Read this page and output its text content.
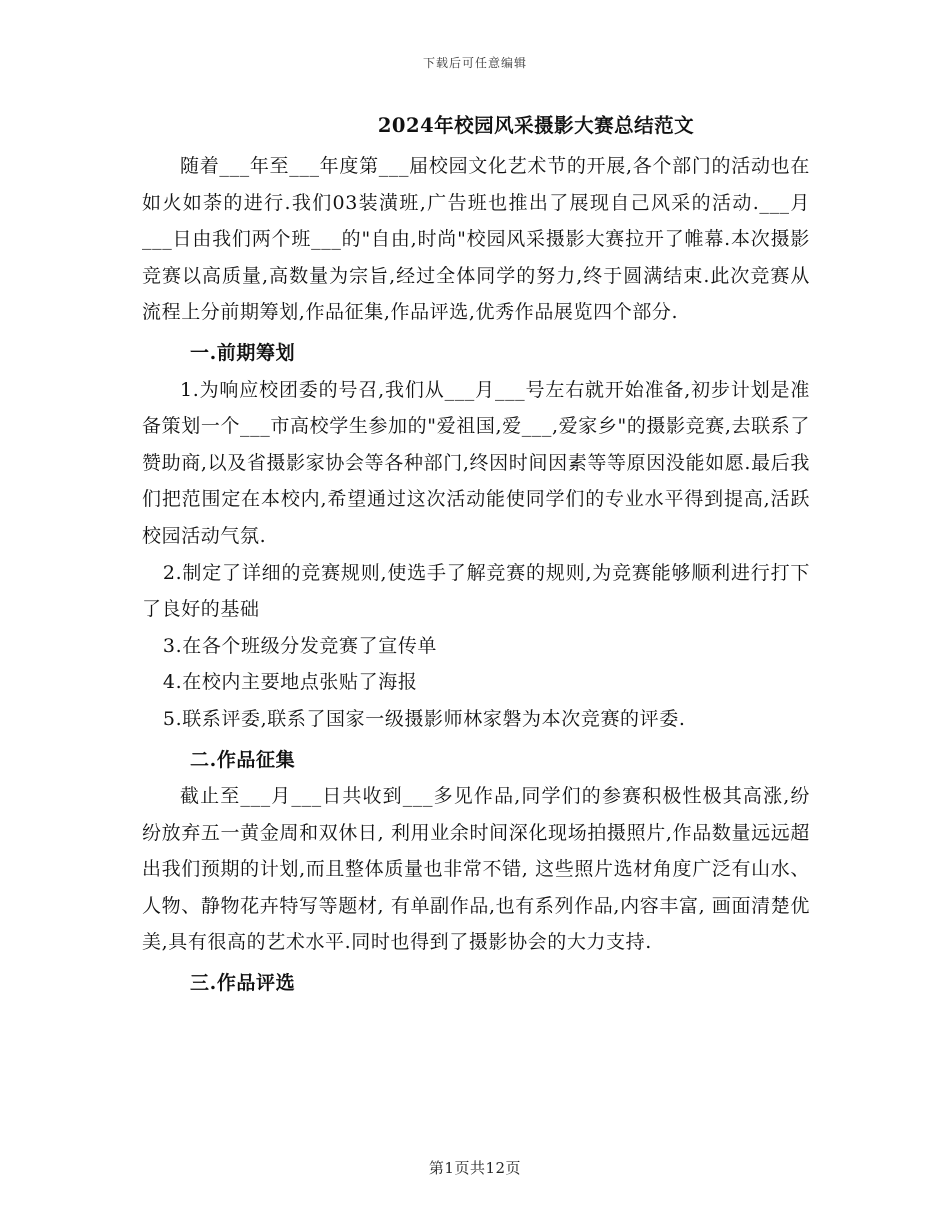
下载后可任意编辑
2024年校园风采摄影大赛总结范文

随着___年至___年度第___届校园文化艺术节的开展,各个部门的活动也在如火如荼的进行.我们03装潢班,广告班也推出了展现自己风采的活动.___月___日由我们两个班___的"自由,时尚"校园风采摄影大赛拉开了帷幕.本次摄影竞赛以高质量,高数量为宗旨,经过全体同学的努力,终于圆满结束.此次竞赛从流程上分前期筹划,作品征集,作品评选,优秀作品展览四个部分.

一.前期筹划

1.为响应校团委的号召,我们从___月___号左右就开始准备,初步计划是准备策划一个___市高校学生参加的"爱祖国,爱___,爱家乡"的摄影竞赛,去联系了赞助商,以及省摄影家协会等各种部门,终因时间因素等等原因没能如愿.最后我们把范围定在本校内,希望通过这次活动能使同学们的专业水平得到提高,活跃校园活动气氛.

2.制定了详细的竞赛规则,使选手了解竞赛的规则,为竞赛能够顺利进行打下了良好的基础

3.在各个班级分发竞赛了宣传单

4.在校内主要地点张贴了海报

5.联系评委,联系了国家一级摄影师林家磐为本次竞赛的评委.

二.作品征集

截止至___月___日共收到___多见作品,同学们的参赛积极性极其高涨,纷纷放弃五一黄金周和双休日, 利用业余时间深化现场拍摄照片,作品数量远远超出我们预期的计划,而且整体质量也非常不错, 这些照片选材角度广泛有山水、人物、静物花卉特写等题材, 有单副作品,也有系列作品,内容丰富, 画面清楚优美,具有很高的艺术水平.同时也得到了摄影协会的大力支持.

三.作品评选

第1页共12页
